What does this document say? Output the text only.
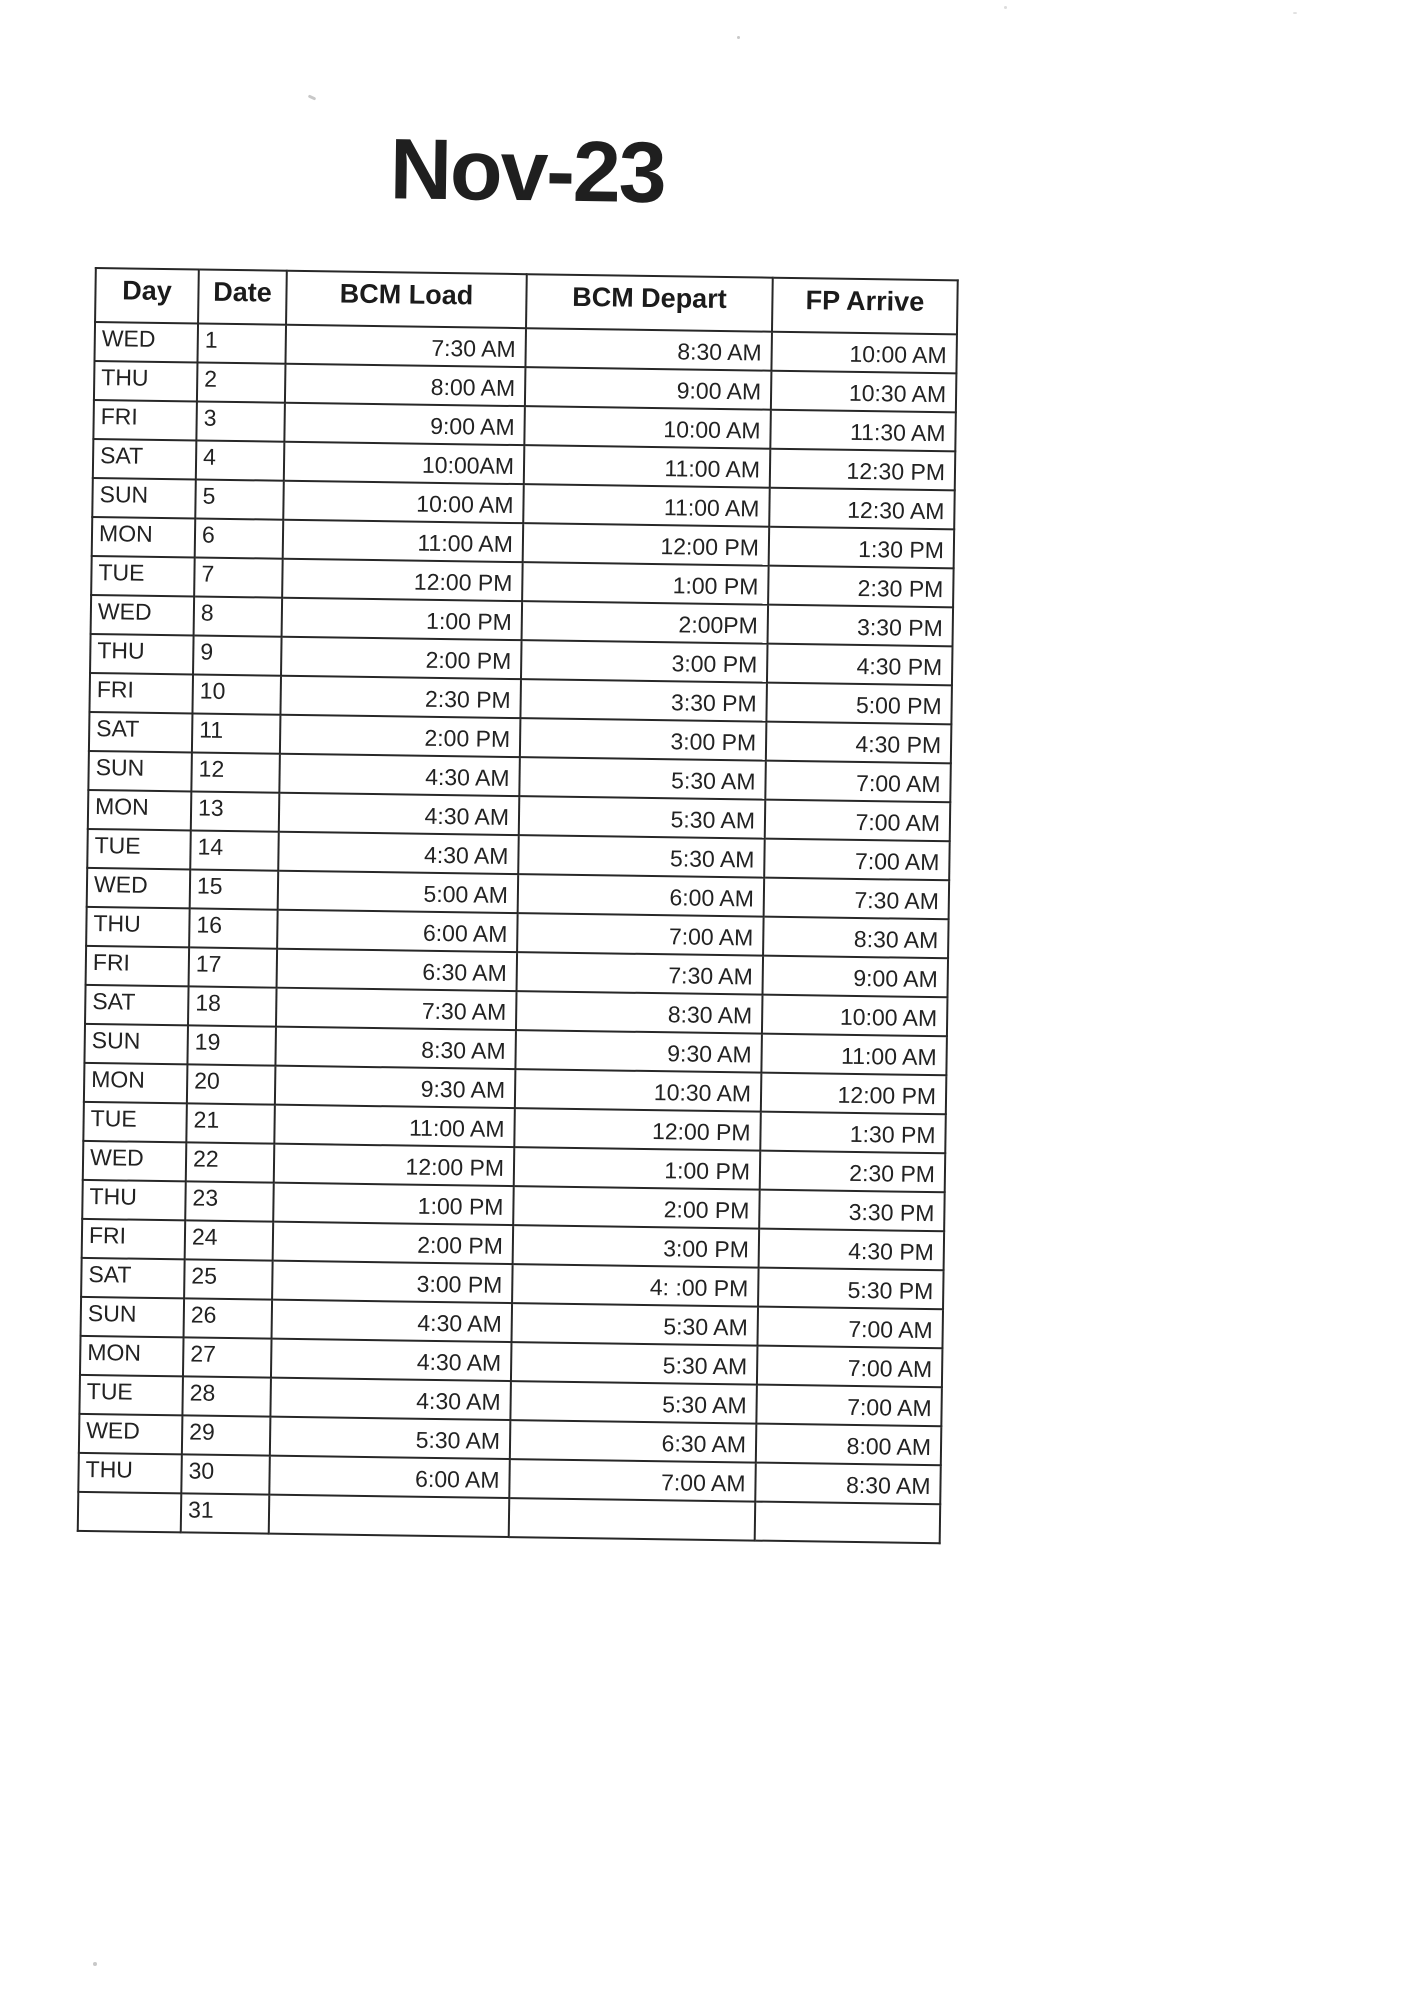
Nov-23
Day	Date	BCM Load	BCM Depart	FP Arrive
WED	1	7:30 AM	8:30 AM	10:00 AM
THU	2	8:00 AM	9:00 AM	10:30 AM
FRI	3	9:00 AM	10:00 AM	11:30 AM
SAT	4	10:00AM	11:00 AM	12:30 PM
SUN	5	10:00 AM	11:00 AM	12:30 AM
MON	6	11:00 AM	12:00 PM	1:30 PM
TUE	7	12:00 PM	1:00 PM	2:30 PM
WED	8	1:00 PM	2:00PM	3:30 PM
THU	9	2:00 PM	3:00 PM	4:30 PM
FRI	10	2:30 PM	3:30 PM	5:00 PM
SAT	11	2:00 PM	3:00 PM	4:30 PM
SUN	12	4:30 AM	5:30 AM	7:00 AM
MON	13	4:30 AM	5:30 AM	7:00 AM
TUE	14	4:30 AM	5:30 AM	7:00 AM
WED	15	5:00 AM	6:00 AM	7:30 AM
THU	16	6:00 AM	7:00 AM	8:30 AM
FRI	17	6:30 AM	7:30 AM	9:00 AM
SAT	18	7:30 AM	8:30 AM	10:00 AM
SUN	19	8:30 AM	9:30 AM	11:00 AM
MON	20	9:30 AM	10:30 AM	12:00 PM
TUE	21	11:00 AM	12:00 PM	1:30 PM
WED	22	12:00 PM	1:00 PM	2:30 PM
THU	23	1:00 PM	2:00 PM	3:30 PM
FRI	24	2:00 PM	3:00 PM	4:30 PM
SAT	25	3:00 PM	4: :00 PM	5:30 PM
SUN	26	4:30 AM	5:30 AM	7:00 AM
MON	27	4:30 AM	5:30 AM	7:00 AM
TUE	28	4:30 AM	5:30 AM	7:00 AM
WED	29	5:30 AM	6:30 AM	8:00 AM
THU	30	6:00 AM	7:00 AM	8:30 AM
	31			
